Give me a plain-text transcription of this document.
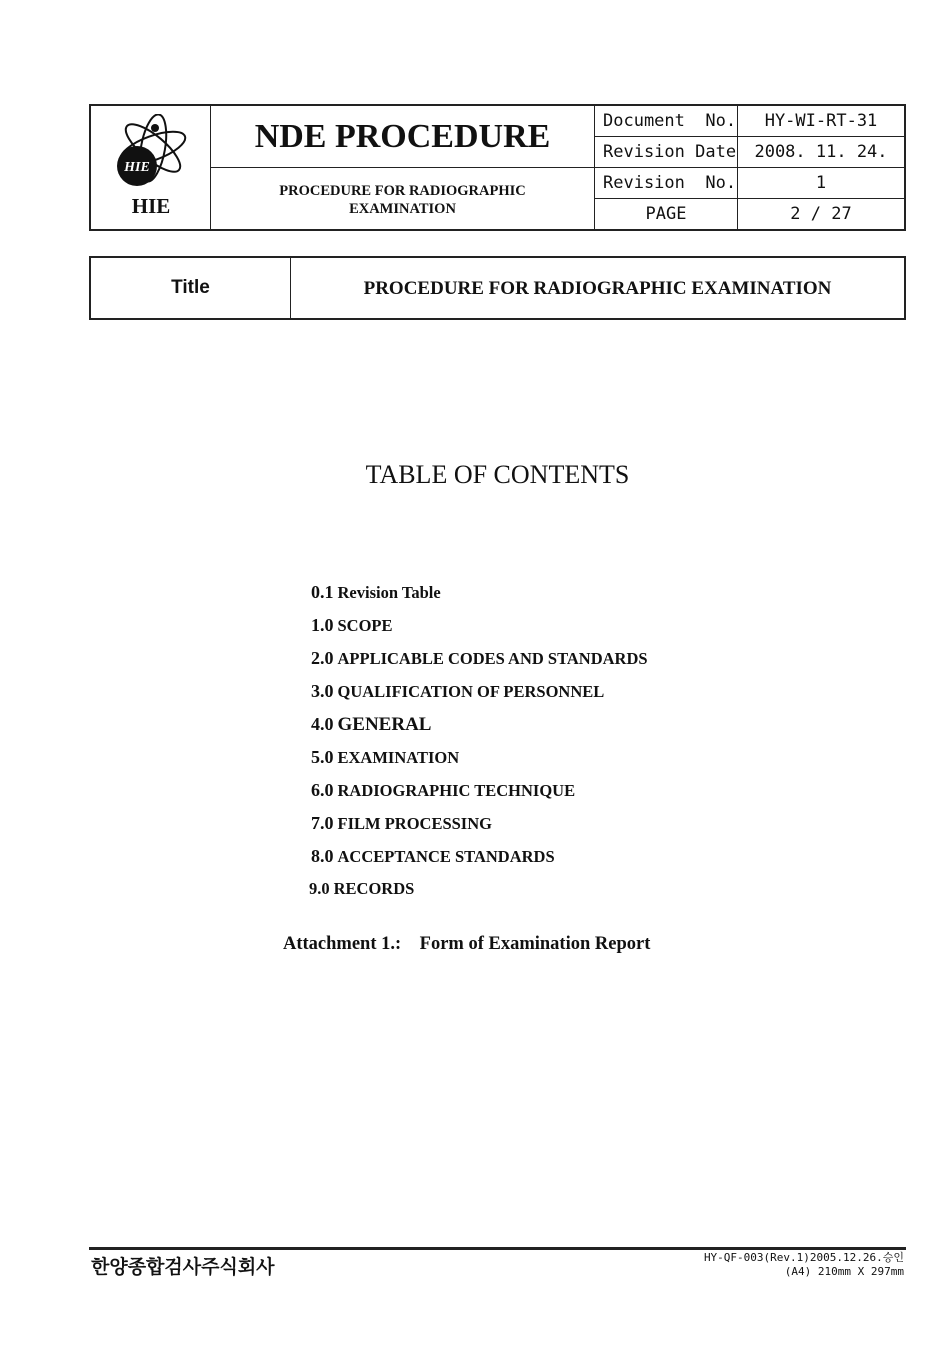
HIE
HIE
NDE PROCEDURE
PROCEDURE FOR RADIOGRAPHIC EXAMINATION
Document  No.	HY-WI-RT-31
Revision Date	2008. 11. 24.
Revision  No.	1
PAGE	2 / 27
Title	PROCEDURE FOR RADIOGRAPHIC EXAMINATION
TABLE OF CONTENTS
0.1 Revision Table
1.0 SCOPE
2.0 APPLICABLE CODES AND STANDARDS
3.0 QUALIFICATION OF PERSONNEL
4.0 GENERAL
5.0 EXAMINATION
6.0 RADIOGRAPHIC TECHNIQUE
7.0 FILM PROCESSING
8.0 ACCEPTANCE STANDARDS
9.0 RECORDS
Attachment 1.:    Form of Examination Report
한양종합검사주식회사	HY-QF-003(Rev.1)2005.12.26.승인
(A4) 210mm X 297mm
